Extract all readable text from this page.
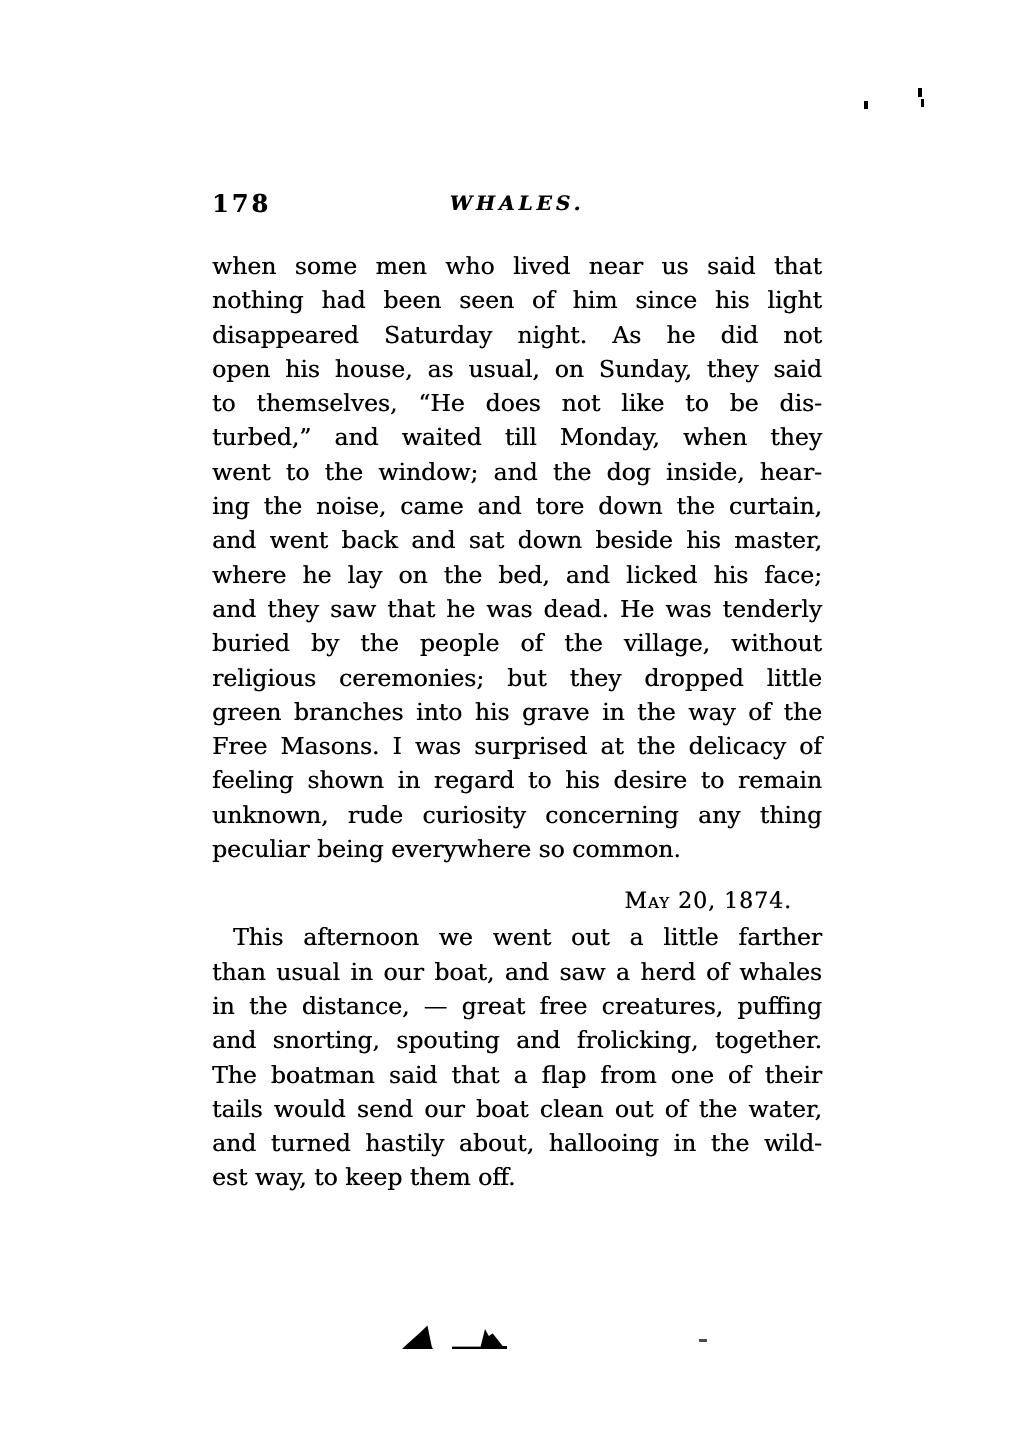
178	WHALES.
when some men who lived near us said that
nothing had been seen of him since his light
disappeared Saturday night. As he did not
open his house, as usual, on Sunday, they said
to themselves, “He does not like to be dis-
turbed,” and waited till Monday, when they
went to the window; and the dog inside, hear-
ing the noise, came and tore down the curtain,
and went back and sat down beside his master,
where he lay on the bed, and licked his face;
and they saw that he was dead. He was tenderly
buried by the people of the village, without
religious ceremonies; but they dropped little
green branches into his grave in the way of the
Free Masons. I was surprised at the delicacy of
feeling shown in regard to his desire to remain
unknown, rude curiosity concerning any thing
peculiar being everywhere so common.
May 20, 1874.
This afternoon we went out a little farther
than usual in our boat, and saw a herd of whales
in the distance, — great free creatures, puffing
and snorting, spouting and frolicking, together.
The boatman said that a flap from one of their
tails would send our boat clean out of the water,
and turned hastily about, hallooing in the wild-
est way, to keep them off.
